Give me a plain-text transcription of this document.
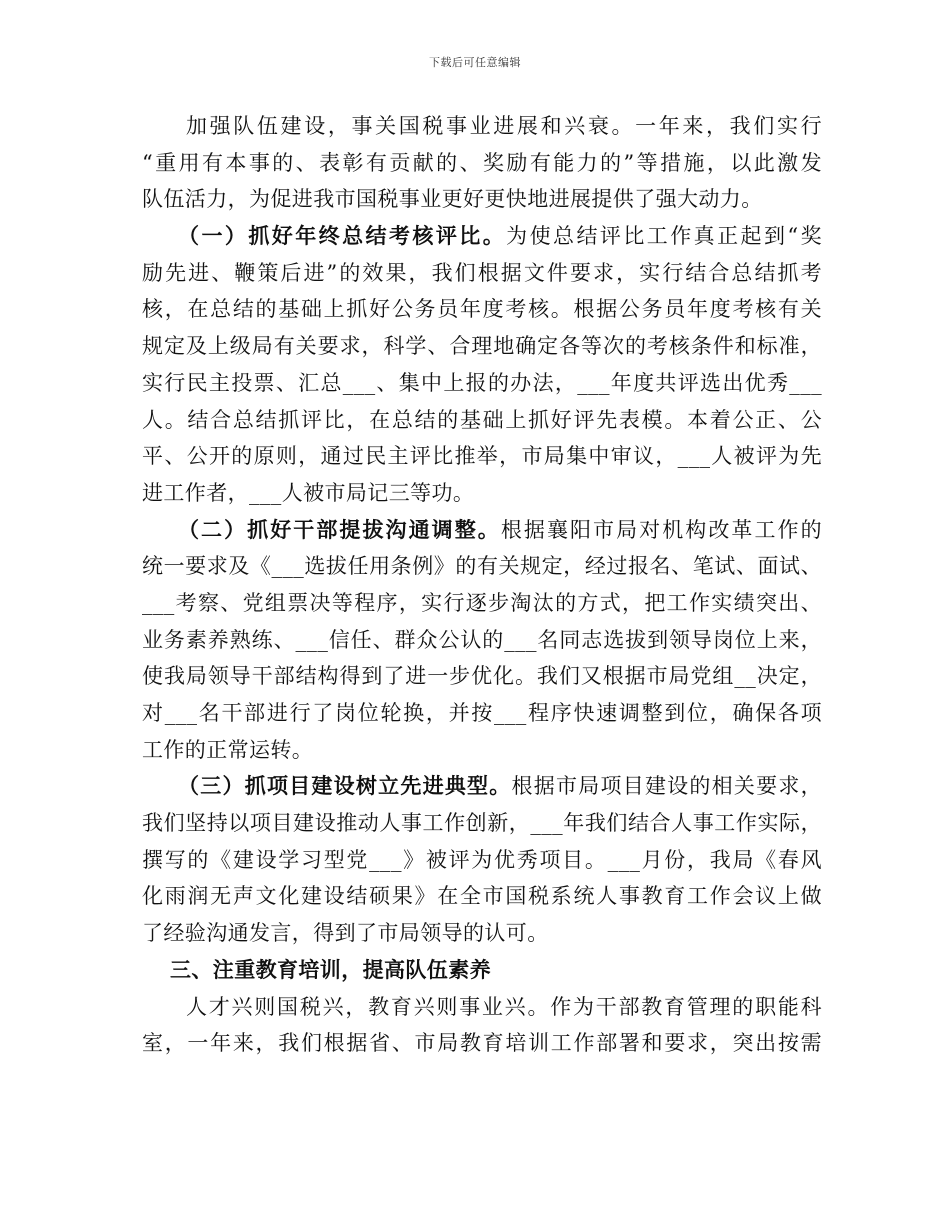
下载后可任意编辑
加强队伍建设，事关国税事业进展和兴衰。一年来，我们实行
“重用有本事的、表彰有贡献的、奖励有能力的”等措施，以此激发
队伍活力，为促进我市国税事业更好更快地进展提供了强大动力。
（一）抓好年终总结考核评比。为使总结评比工作真正起到“奖
励先进、鞭策后进”的效果，我们根据文件要求，实行结合总结抓考
核，在总结的基础上抓好公务员年度考核。根据公务员年度考核有关
规定及上级局有关要求，科学、合理地确定各等次的考核条件和标准，
实行民主投票、汇总___、集中上报的办法，___年度共评选出优秀___
人。结合总结抓评比，在总结的基础上抓好评先表模。本着公正、公
平、公开的原则，通过民主评比推举，市局集中审议，___人被评为先
进工作者，___人被市局记三等功。
（二）抓好干部提拔沟通调整。根据襄阳市局对机构改革工作的
统一要求及《___选拔任用条例》的有关规定，经过报名、笔试、面试、
___考察、党组票决等程序，实行逐步淘汰的方式，把工作实绩突出、
业务素养熟练、___信任、群众公认的___名同志选拔到领导岗位上来，
使我局领导干部结构得到了进一步优化。我们又根据市局党组__决定，
对___名干部进行了岗位轮换，并按___程序快速调整到位，确保各项
工作的正常运转。
（三）抓项目建设树立先进典型。根据市局项目建设的相关要求，
我们坚持以项目建设推动人事工作创新，___年我们结合人事工作实际，
撰写的《建设学习型党___》被评为优秀项目。___月份，我局《春风
化雨润无声文化建设结硕果》在全市国税系统人事教育工作会议上做
了经验沟通发言，得到了市局领导的认可。
三、注重教育培训，提高队伍素养
人才兴则国税兴，教育兴则事业兴。作为干部教育管理的职能科
室，一年来，我们根据省、市局教育培训工作部署和要求，突出按需
